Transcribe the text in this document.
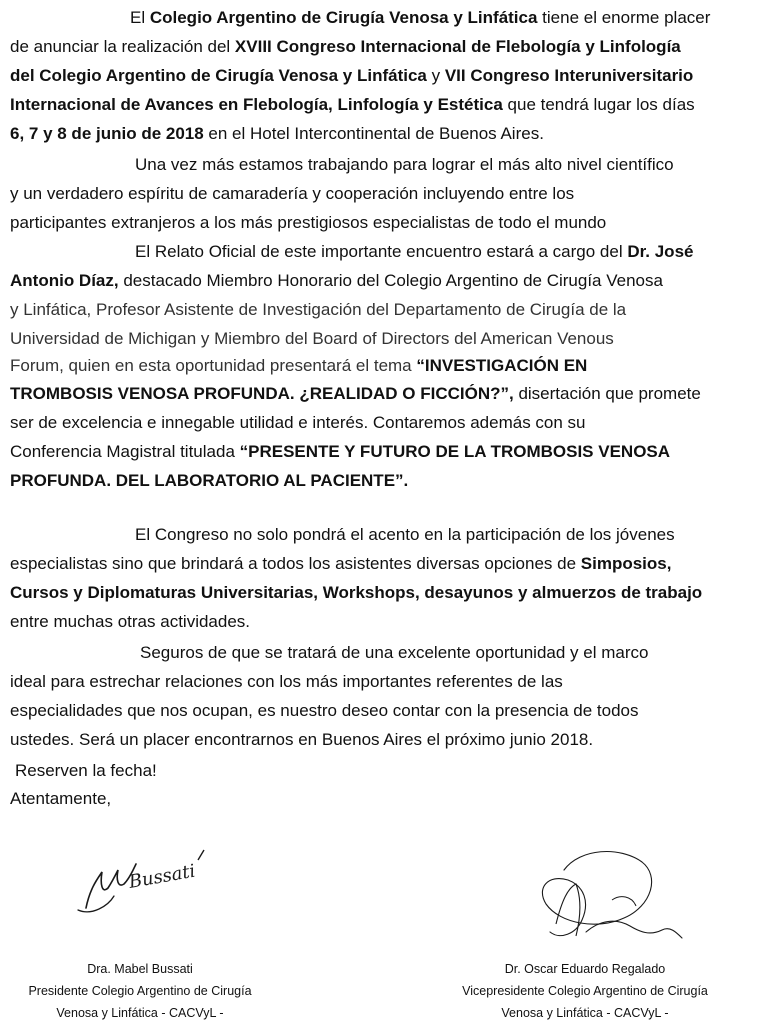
El Colegio Argentino de Cirugía Venosa y Linfática tiene el enorme placer
de anunciar la realización del XVIII Congreso Internacional de Flebología y Linfología
del Colegio Argentino de Cirugía Venosa y Linfática y VII Congreso Interuniversitario
Internacional de Avances en Flebología, Linfología y Estética que tendrá lugar los días
6, 7 y 8 de junio de 2018 en el Hotel Intercontinental de Buenos Aires.
Una vez más estamos trabajando para lograr el más alto nivel científico
y un verdadero espíritu de camaradería y cooperación incluyendo entre los
participantes extranjeros a los más prestigiosos especialistas de todo el mundo
El Relato Oficial de este importante encuentro estará a cargo del Dr. José
Antonio Díaz, destacado Miembro Honorario del Colegio Argentino de Cirugía Venosa
y Linfática, Profesor Asistente de Investigación del Departamento de Cirugía de la
Universidad de Michigan y Miembro del Board of Directors del American Venous
Forum, quien en esta oportunidad presentará el tema “INVESTIGACIÓN EN
TROMBOSIS VENOSA PROFUNDA. ¿REALIDAD O FICCIÓN?”, disertación que promete
ser de excelencia e innegable utilidad e interés. Contaremos además con su
Conferencia Magistral titulada “PRESENTE Y FUTURO DE LA TROMBOSIS VENOSA
PROFUNDA. DEL LABORATORIO AL PACIENTE”.
El Congreso no solo pondrá el acento en la participación de los jóvenes
especialistas sino que brindará a todos los asistentes diversas opciones de Simposios,
Cursos y Diplomaturas Universitarias, Workshops, desayunos y almuerzos de trabajo
entre muchas otras actividades.
Seguros de que se tratará de una excelente oportunidad y el marco
ideal para estrechar relaciones con los más importantes referentes de las
especialidades que nos ocupan, es nuestro deseo contar con la presencia de todos
ustedes. Será un placer encontrarnos en Buenos Aires el próximo junio 2018.
Reserven la fecha!
Atentamente,
Bussati
Dra. Mabel Bussati
Presidente Colegio Argentino de Cirugía
Venosa y Linfática - CACVyL -
Dr. Oscar Eduardo Regalado
Vicepresidente Colegio Argentino de Cirugía
Venosa y Linfática - CACVyL -
